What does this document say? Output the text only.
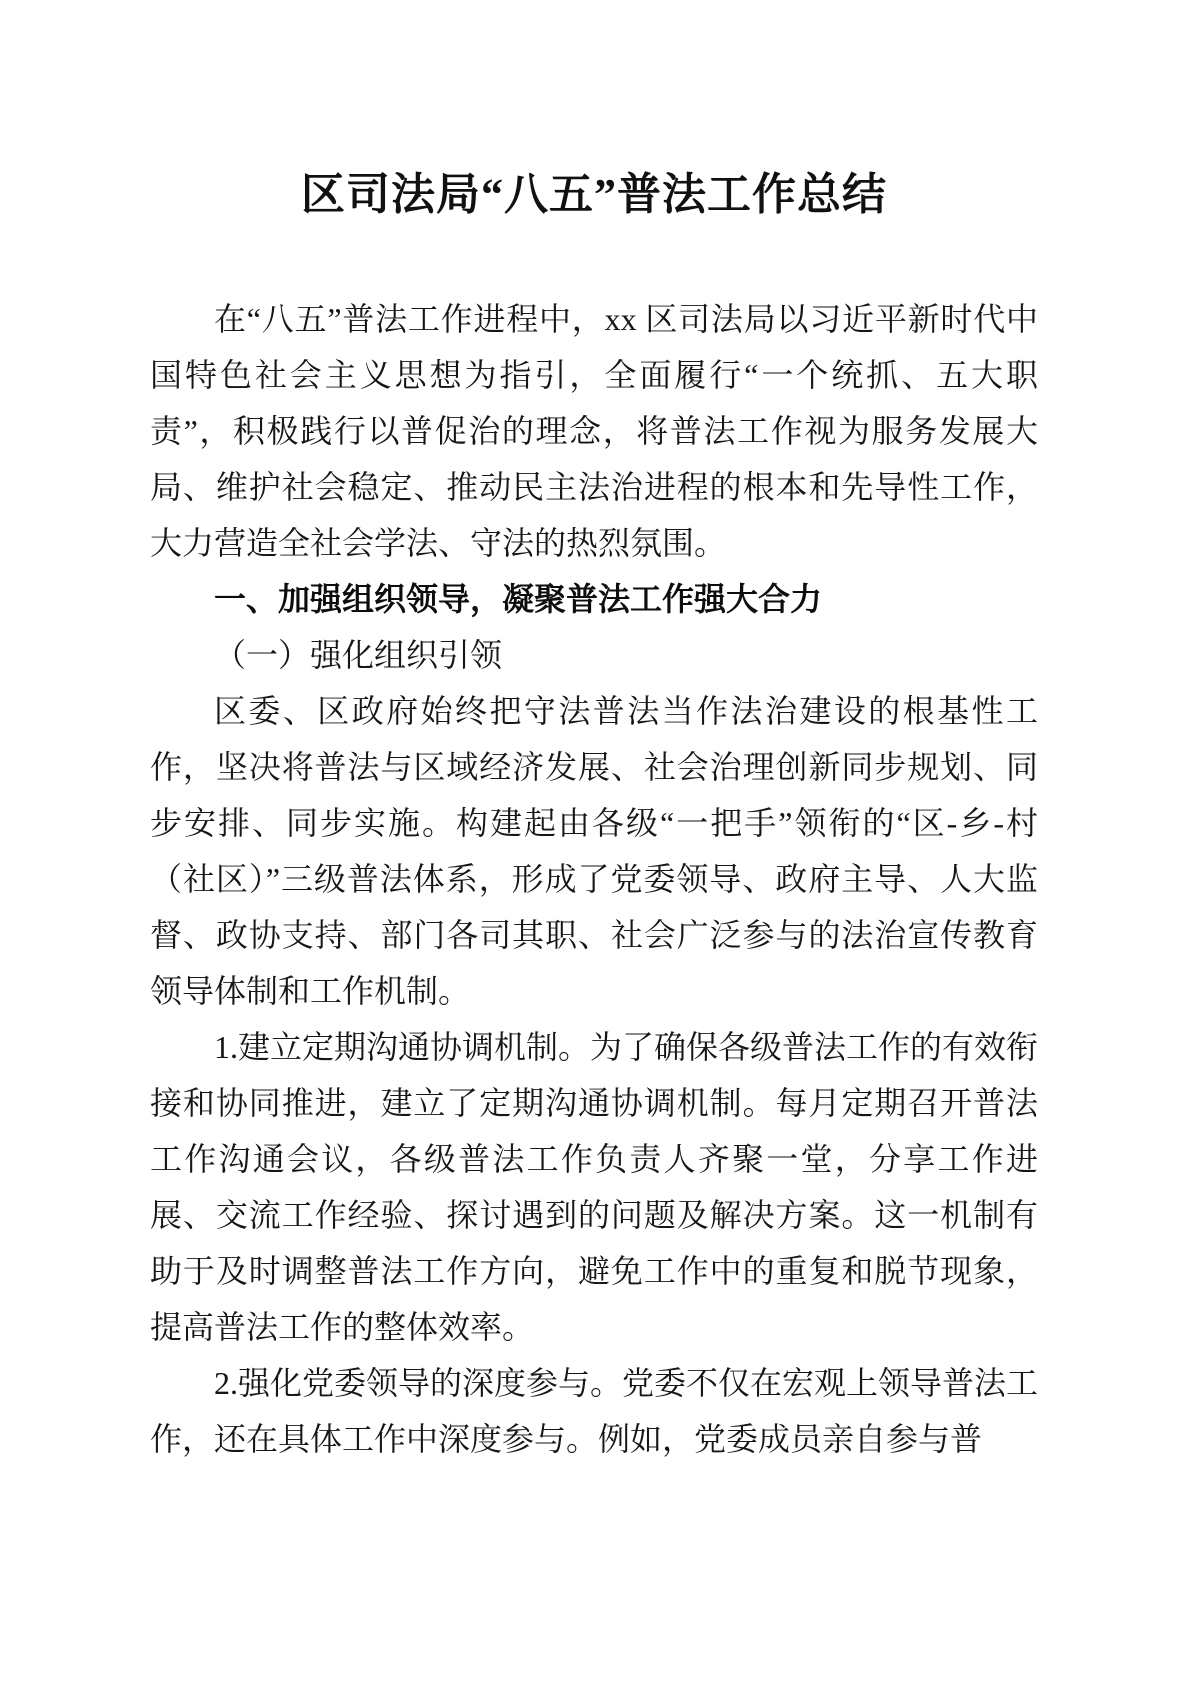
区司法局“八五”普法工作总结

在“八五”普法工作进程中，xx 区司法局以习近平新时代中国特色社会主义思想为指引，全面履行“一个统抓、五大职责”，积极践行以普促治的理念，将普法工作视为服务发展大局、维护社会稳定、推动民主法治进程的根本和先导性工作，大力营造全社会学法、守法的热烈氛围。

一、加强组织领导，凝聚普法工作强大合力

（一）强化组织引领

区委、区政府始终把守法普法当作法治建设的根基性工作，坚决将普法与区域经济发展、社会治理创新同步规划、同步安排、同步实施。构建起由各级“一把手”领衔的“区-乡-村（社区）”三级普法体系，形成了党委领导、政府主导、人大监督、政协支持、部门各司其职、社会广泛参与的法治宣传教育领导体制和工作机制。

1.建立定期沟通协调机制。为了确保各级普法工作的有效衔接和协同推进，建立了定期沟通协调机制。每月定期召开普法工作沟通会议，各级普法工作负责人齐聚一堂，分享工作进展、交流工作经验、探讨遇到的问题及解决方案。这一机制有助于及时调整普法工作方向，避免工作中的重复和脱节现象，提高普法工作的整体效率。

2.强化党委领导的深度参与。党委不仅在宏观上领导普法工作，还在具体工作中深度参与。例如，党委成员亲自参与普
